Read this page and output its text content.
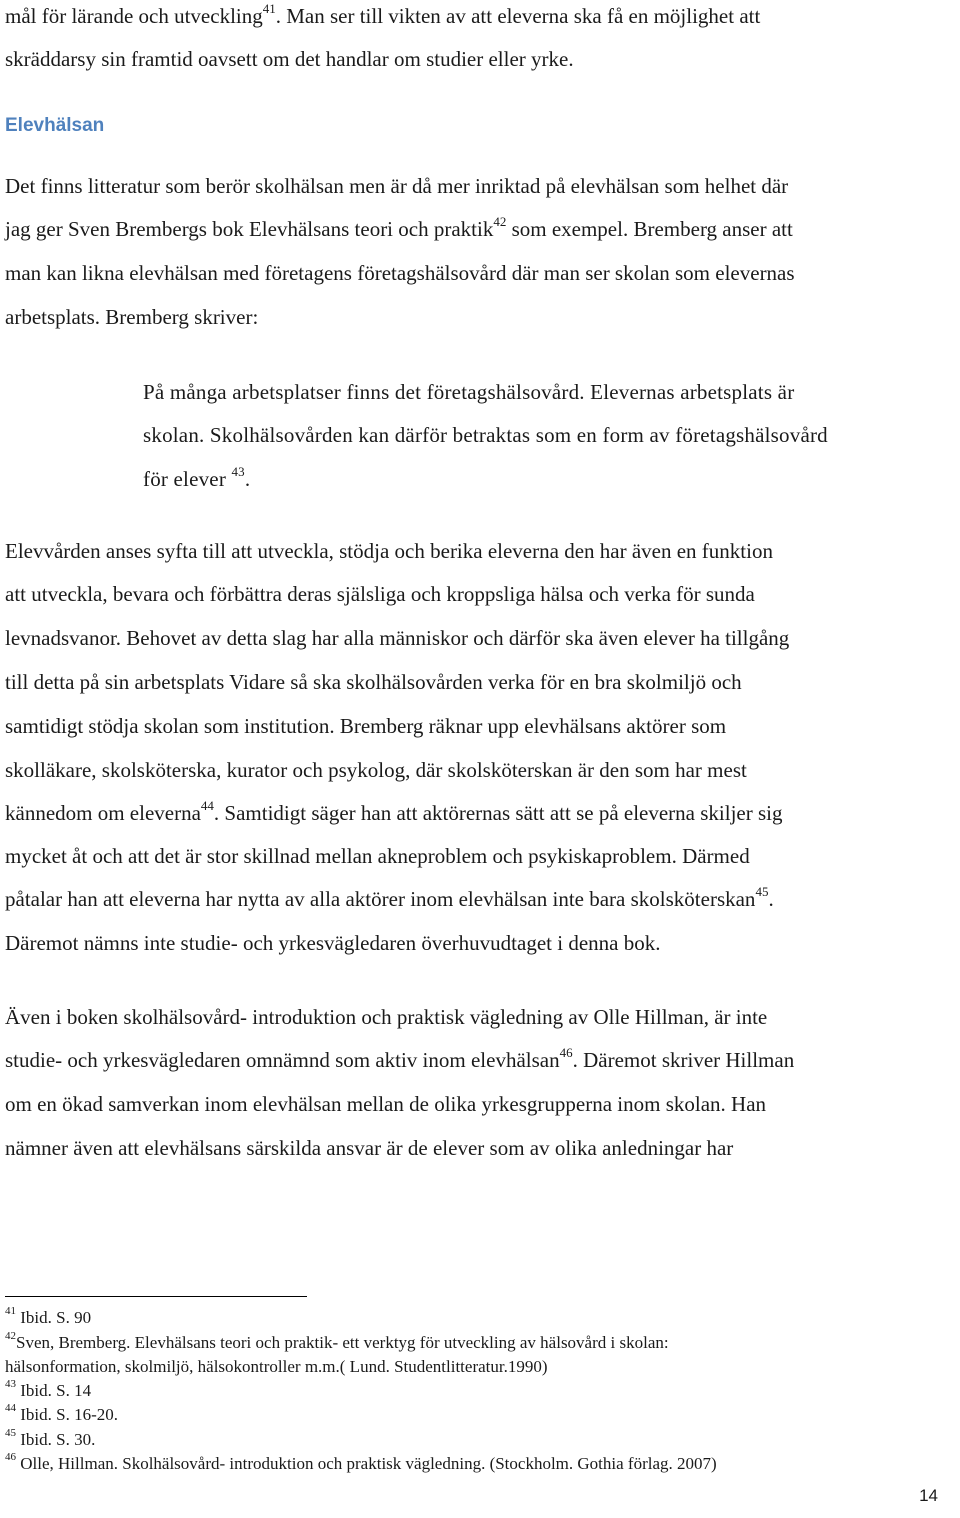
mål för lärande och utveckling$^{41}$. Man ser till vikten av att eleverna ska få en möjlighet att
skräddarsy sin framtid oavsett om det handlar om studier eller yrke.
Elevhälsan
Det finns litteratur som berör skolhälsan men är då mer inriktad på elevhälsan som helhet där
jag ger Sven Brembergs bok Elevhälsans teori och praktik$^{42}$ som exempel. Bremberg anser att
man kan likna elevhälsan med företagens företagshälsovård där man ser skolan som elevernas
arbetsplats. Bremberg skriver:
På många arbetsplatser finns det företagshälsovård. Elevernas arbetsplats är
skolan. Skolhälsovården kan därför betraktas som en form av företagshälsovård
för elever $^{43}$.
Elevvården anses syfta till att utveckla, stödja och berika eleverna den har även en funktion
att utveckla, bevara och förbättra deras själsliga och kroppsliga hälsa och verka för sunda
levnadsvanor. Behovet av detta slag har alla människor och därför ska även elever ha tillgång
till detta på sin arbetsplats Vidare så ska skolhälsovården verka för en bra skolmiljö och
samtidigt stödja skolan som institution. Bremberg räknar upp elevhälsans aktörer som
skolläkare, skolsköterska, kurator och psykolog, där skolsköterskan är den som har mest
kännedom om eleverna$^{44}$. Samtidigt säger han att aktörernas sätt att se på eleverna skiljer sig
mycket åt och att det är stor skillnad mellan akneproblem och psykiskaproblem. Därmed
påtalar han att eleverna har nytta av alla aktörer inom elevhälsan inte bara skolsköterskan$^{45}$.
Däremot nämns inte studie- och yrkesvägledaren överhuvudtaget i denna bok.
Även i boken skolhälsovård- introduktion och praktisk vägledning av Olle Hillman, är inte
studie- och yrkesvägledaren omnämnd som aktiv inom elevhälsan$^{46}$. Däremot skriver Hillman
om en ökad samverkan inom elevhälsan mellan de olika yrkesgrupperna inom skolan. Han
nämner även att elevhälsans särskilda ansvar är de elever som av olika anledningar har
$^{41}$ Ibid. S. 90
$^{42}$Sven, Bremberg. Elevhälsans teori och praktik- ett verktyg för utveckling av hälsovård i skolan:
hälsonformation, skolmiljö, hälsokontroller m.m.( Lund. Studentlitteratur.1990)
$^{43}$ Ibid. S. 14
$^{44}$ Ibid. S. 16-20.
$^{45}$ Ibid. S. 30.
$^{46}$ Olle, Hillman. Skolhälsovård- introduktion och praktisk vägledning. (Stockholm. Gothia förlag. 2007)
14
